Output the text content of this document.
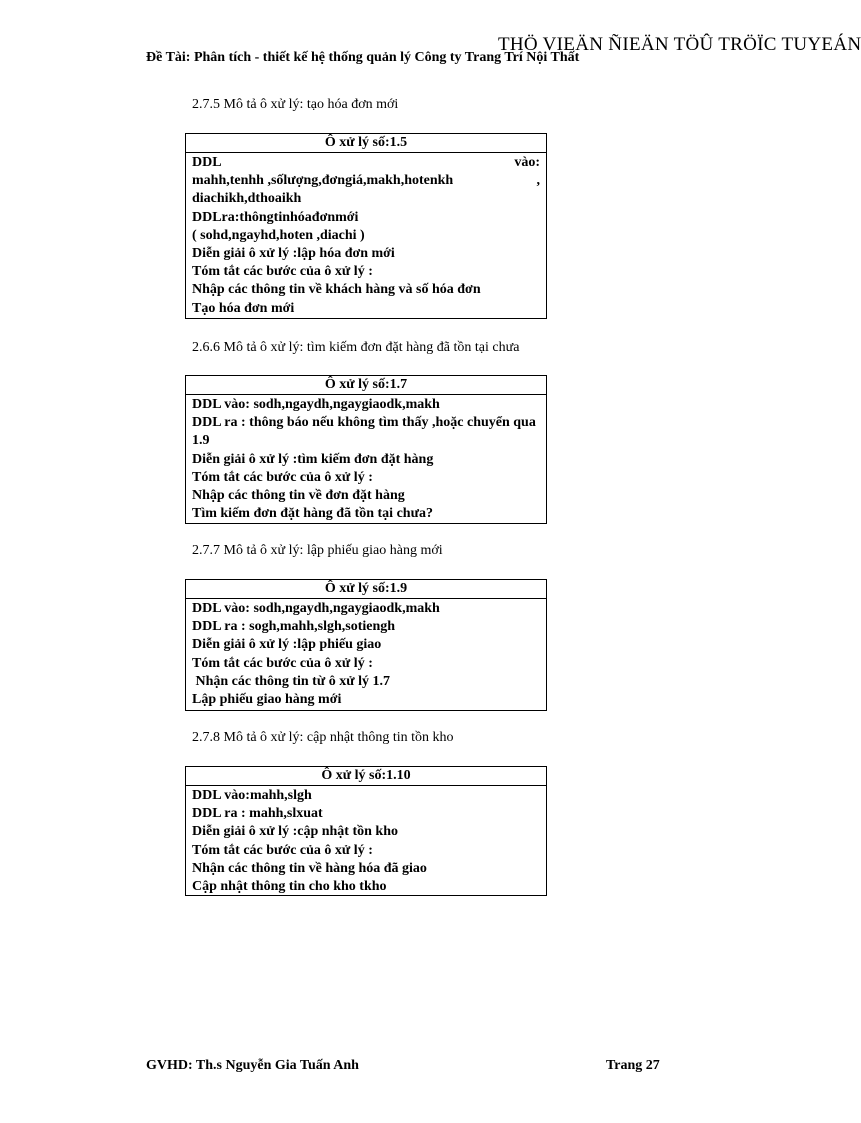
THÖ VIEÄN ÑIEÄN TÖÛ TRÖÏC TUYEÁN
Đề Tài: Phân tích - thiết kế hệ thống quản lý Công ty Trang Trí Nội Thất
2.7.5 Mô tả ô xử lý: tạo hóa đơn mới
Ô xử lý số:1.5
DDL	vào:
mahh,tenhh ,sốlượng,đơngiá,makh,hotenkh	,
diachikh,dthoaikh
DDLra:thôngtinhóađơnmới
( sohd,ngayhd,hoten ,diachi )
Diễn giải ô xử lý :lập hóa đơn mới
Tóm tắt các bước của ô xử lý :
Nhập các thông tin về khách hàng và số hóa đơn
Tạo hóa đơn mới
2.6.6 Mô tả ô xử lý: tìm kiếm đơn đặt hàng đã tồn tại chưa
Ô xử lý số:1.7
DDL vào: sodh,ngaydh,ngaygiaodk,makh
DDL ra : thông báo nếu không tìm thấy ,hoặc chuyển qua 1.9
Diễn giải ô xử lý :tìm kiếm đơn đặt hàng
Tóm tắt các bước của ô xử lý :
Nhập các thông tin về đơn đặt hàng
Tìm kiếm đơn đặt hàng đã tồn tại chưa?
2.7.7 Mô tả ô xử lý: lập phiếu giao hàng mới
Ô xử lý số:1.9
DDL vào: sodh,ngaydh,ngaygiaodk,makh
DDL ra : sogh,mahh,slgh,sotiengh
Diễn giải ô xử lý :lập phiếu giao
Tóm tắt các bước của ô xử lý :
Nhận các thông tin từ ô xử lý 1.7
Lập phiếu giao hàng mới
2.7.8 Mô tả ô xử lý: cập nhật thông tin tồn kho
Ô xử lý số:1.10
DDL vào:mahh,slgh
DDL ra : mahh,slxuat
Diễn giải ô xử lý :cập nhật tồn kho
Tóm tắt các bước của ô xử lý :
Nhận các thông tin về hàng hóa đã giao
Cập nhật thông tin cho kho tkho
GVHD: Th.s Nguyễn Gia Tuấn Anh	Trang 27
